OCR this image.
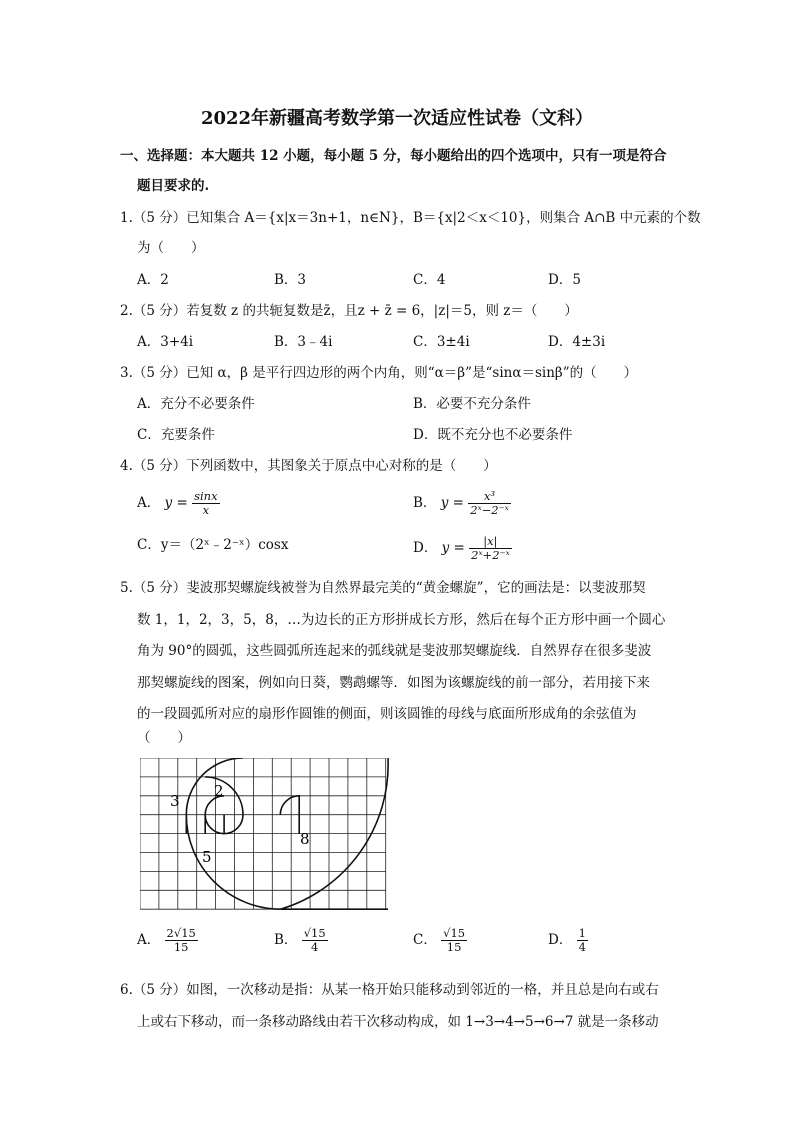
2022年新疆高考数学第一次适应性试卷（文科）
一、选择题：本大题共 12 小题，每小题 5 分，每小题给出的四个选项中，只有一项是符合
题目要求的.
1.（5 分）已知集合 A＝{x|x＝3n+1，n∈N}，B＝{x|2＜x＜10}，则集合 A∩B 中元素的个数
为（　　）
A．2	B．3	C．4	D．5
2.（5 分）若复数 z 的共轭复数是z̄，且z + z̄ = 6，|z|＝5，则 z＝（　　）
A．3+4i	B．3﹣4i	C．3±4i	D．4±3i
3.（5 分）已知 α，β 是平行四边形的两个内角，则“α＝β”是“sinα＝sinβ”的（　　）
A．充分不必要条件	B．必要不充分条件
C．充要条件	D．既不充分也不必要条件
4.（5 分）下列函数中，其图象关于原点中心对称的是（　　）
A． $y = \frac{\sin x}{x}$	B． $y = \frac{\text{x³}}{\text{2ˣ−2⁻ˣ}}$
C．y＝（2ˣ﹣2⁻ˣ）cosx	D． $y = \frac{|x|}{\text{2ˣ+2⁻ˣ}}$
5.（5 分）斐波那契螺旋线被誉为自然界最完美的“黄金螺旋”，它的画法是：以斐波那契
数 1，1，2，3，5，8，…为边长的正方形拼成长方形，然后在每个正方形中画一个圆心
角为 90°的圆弧，这些圆弧所连起来的弧线就是斐波那契螺旋线．自然界存在很多斐波
那契螺旋线的图案，例如向日葵，鹦鹉螺等．如图为该螺旋线的前一部分，若用接下来
的一段圆弧所对应的扇形作圆锥的侧面，则该圆锥的母线与底面所形成角的余弦值为
（　　）
3
2
5
8
A． $\frac{2√15}{15}$	B． $\frac{√15}{4}$	C． $\frac{√15}{15}$	D． $\frac{1}{4}$
6.（5 分）如图，一次移动是指：从某一格开始只能移动到邻近的一格，并且总是向右或右
上或右下移动，而一条移动路线由若干次移动构成，如 1→3→4→5→6→7 就是一条移动
